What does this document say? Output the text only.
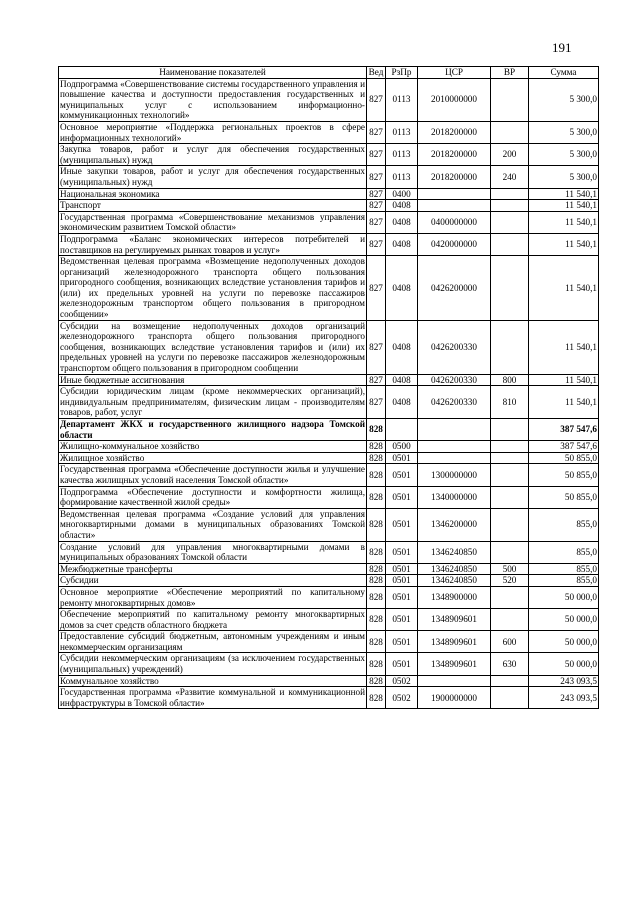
191
Наименование показателей	Вед	РзПр	ЦСР	ВР	Сумма
Подпрограмма «Совершенствование системы государственного управления и повышение качества и доступности предоставления государственных и муниципальных услуг с использованием информационно-коммуникационных технологий»	827	0113	2010000000		5 300,0
Основное мероприятие «Поддержка региональных проектов в сфере информационных технологий»	827	0113	2018200000		5 300,0
Закупка товаров, работ и услуг для обеспечения государственных (муниципальных) нужд	827	0113	2018200000	200	5 300,0
Иные закупки товаров, работ и услуг для обеспечения государственных (муниципальных) нужд	827	0113	2018200000	240	5 300,0
Национальная экономика	827	0400			11 540,1
Транспорт	827	0408			11 540,1
Государственная программа «Совершенствование механизмов управления экономическим развитием Томской области»	827	0408	0400000000		11 540,1
Подпрограмма «Баланс экономических интересов потребителей и поставщиков на регулируемых рынках товаров и услуг»	827	0408	0420000000		11 540,1
Ведомственная целевая программа «Возмещение недополученных доходов организаций железнодорожного транспорта общего пользования пригородного сообщения, возникающих вследствие установления тарифов и (или) их предельных уровней на услуги по перевозке пассажиров железнодорожным транспортом общего пользования в пригородном сообщении»	827	0408	0426200000		11 540,1
Субсидии на возмещение недополученных доходов организаций железнодорожного транспорта общего пользования пригородного сообщения, возникающих вследствие установления тарифов и (или) их предельных уровней на услуги по перевозке пассажиров железнодорожным транспортом общего пользования в пригородном сообщении	827	0408	0426200330		11 540,1
Иные бюджетные ассигнования	827	0408	0426200330	800	11 540,1
Субсидии юридическим лицам (кроме некоммерческих организаций), индивидуальным предпринимателям, физическим лицам - производителям товаров, работ, услуг	827	0408	0426200330	810	11 540,1
Департамент ЖКХ и государственного жилищного надзора Томской области	828				387 547,6
Жилищно-коммунальное хозяйство	828	0500			387 547,6
Жилищное хозяйство	828	0501			50 855,0
Государственная программа «Обеспечение доступности жилья и улучшение качества жилищных условий населения Томской области»	828	0501	1300000000		50 855,0
Подпрограмма «Обеспечение доступности и комфортности жилища, формирование качественной жилой среды»	828	0501	1340000000		50 855,0
Ведомственная целевая программа «Создание условий для управления многоквартирными домами в муниципальных образованиях Томской области»	828	0501	1346200000		855,0
Создание условий для управления многоквартирными домами в муниципальных образованиях Томской области	828	0501	1346240850		855,0
Межбюджетные трансферты	828	0501	1346240850	500	855,0
Субсидии	828	0501	1346240850	520	855,0
Основное мероприятие «Обеспечение мероприятий по капитальному ремонту многоквартирных домов»	828	0501	1348900000		50 000,0
Обеспечение мероприятий по капитальному ремонту многоквартирных домов за счет средств областного бюджета	828	0501	1348909601		50 000,0
Предоставление субсидий бюджетным, автономным учреждениям и иным некоммерческим организациям	828	0501	1348909601	600	50 000,0
Субсидии некоммерческим организациям (за исключением государственных (муниципальных) учреждений)	828	0501	1348909601	630	50 000,0
Коммунальное хозяйство	828	0502			243 093,5
Государственная программа «Развитие коммунальной и коммуникационной инфраструктуры в Томской области»	828	0502	1900000000		243 093,5
